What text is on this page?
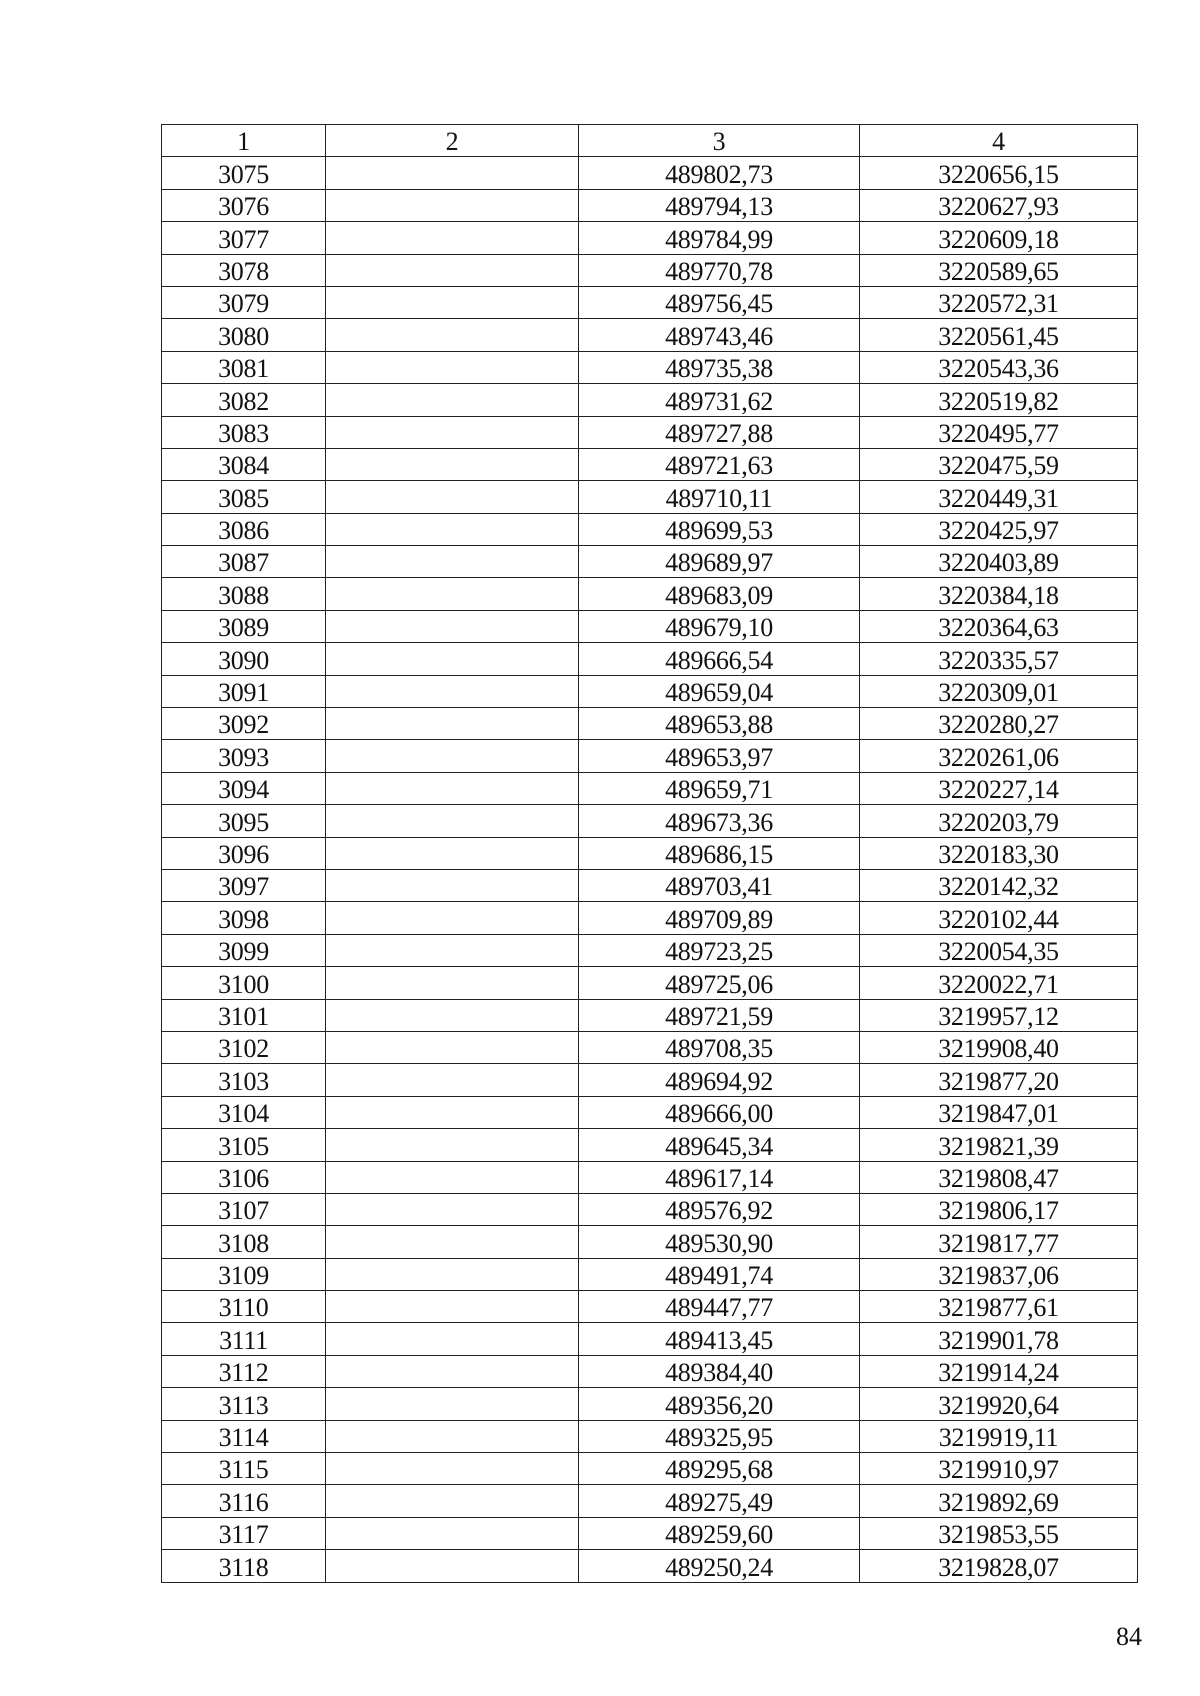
1	2	3	4
3075		489802,73	3220656,15
3076		489794,13	3220627,93
3077		489784,99	3220609,18
3078		489770,78	3220589,65
3079		489756,45	3220572,31
3080		489743,46	3220561,45
3081		489735,38	3220543,36
3082		489731,62	3220519,82
3083		489727,88	3220495,77
3084		489721,63	3220475,59
3085		489710,11	3220449,31
3086		489699,53	3220425,97
3087		489689,97	3220403,89
3088		489683,09	3220384,18
3089		489679,10	3220364,63
3090		489666,54	3220335,57
3091		489659,04	3220309,01
3092		489653,88	3220280,27
3093		489653,97	3220261,06
3094		489659,71	3220227,14
3095		489673,36	3220203,79
3096		489686,15	3220183,30
3097		489703,41	3220142,32
3098		489709,89	3220102,44
3099		489723,25	3220054,35
3100		489725,06	3220022,71
3101		489721,59	3219957,12
3102		489708,35	3219908,40
3103		489694,92	3219877,20
3104		489666,00	3219847,01
3105		489645,34	3219821,39
3106		489617,14	3219808,47
3107		489576,92	3219806,17
3108		489530,90	3219817,77
3109		489491,74	3219837,06
3110		489447,77	3219877,61
3111		489413,45	3219901,78
3112		489384,40	3219914,24
3113		489356,20	3219920,64
3114		489325,95	3219919,11
3115		489295,68	3219910,97
3116		489275,49	3219892,69
3117		489259,60	3219853,55
3118		489250,24	3219828,07
84
